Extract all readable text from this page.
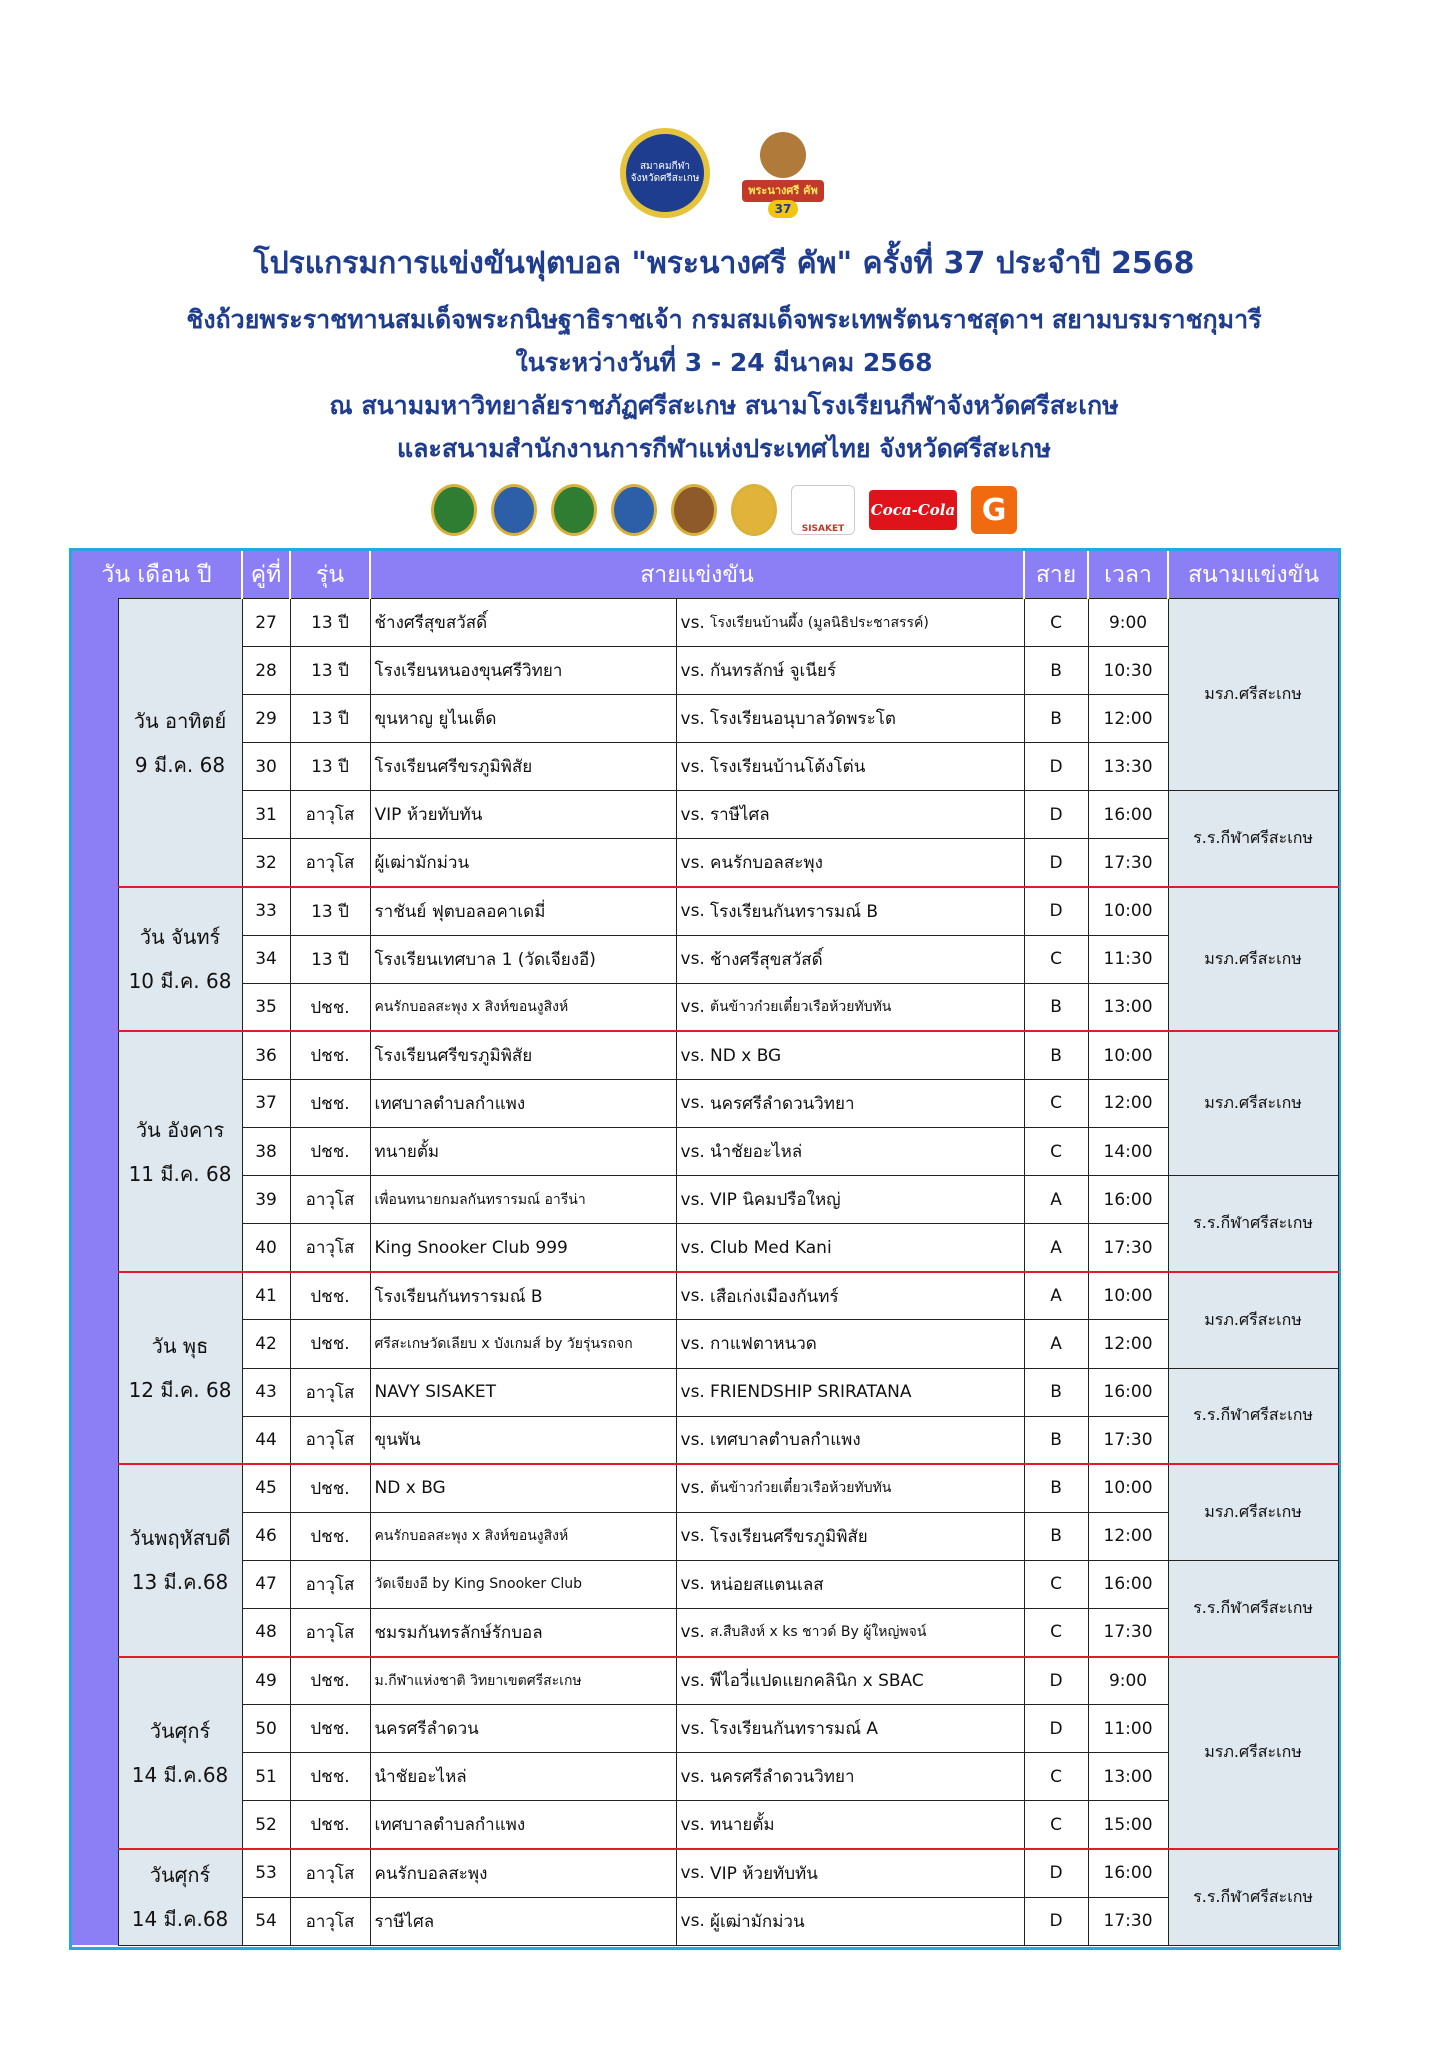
สมาคมกีฬา จังหวัดศรีสะเกษ
พระนางศรี คัพ
37
โปรแกรมการแข่งขันฟุตบอล "พระนางศรี คัพ" ครั้งที่ 37 ประจำปี 2568
ชิงถ้วยพระราชทานสมเด็จพระกนิษฐาธิราชเจ้า กรมสมเด็จพระเทพรัตนราชสุดาฯ สยามบรมราชกุมารี
ในระหว่างวันที่ 3 - 24 มีนาคม 2568
ณ สนามมหาวิทยาลัยราชภัฏศรีสะเกษ สนามโรงเรียนกีฬาจังหวัดศรีสะเกษ
และสนามสำนักงานการกีฬาแห่งประเทศไทย จังหวัดศรีสะเกษ
SISAKET
Coca-Cola G
วัน เดือน ปี		คู่ที่	รุ่น	สายแข่งขัน			สาย	เวลา	สนามแข่งขัน

	วัน อาทิตย์
9 มี.ค. 68	27	13 ปี	ช้างศรีสุขสวัสดิ์	vs.	โรงเรียนบ้านผึ้ง (มูลนิธิประชาสรรค์)	C	9:00	มรภ.ศรีสะเกษ
		28	13 ปี	โรงเรียนหนองขุนศรีวิทยา	vs.	กันทรลักษ์ จูเนียร์	B	10:30	
		29	13 ปี	ขุนหาญ ยูไนเต็ด	vs.	โรงเรียนอนุบาลวัดพระโต	B	12:00	
		30	13 ปี	โรงเรียนศรีขรภูมิพิสัย	vs.	โรงเรียนบ้านโต้งโต่น	D	13:30	
		31	อาวุโส	VIP ห้วยทับทัน	vs.	ราษีไศล	D	16:00	ร.ร.กีฬาศรีสะเกษ
		32	อาวุโส	ผู้เฒ่ามักม่วน	vs.	คนรักบอลสะพุง	D	17:30	

	วัน จันทร์
10 มี.ค. 68	33	13 ปี	ราชันย์ ฟุตบอลอคาเดมี่	vs.	โรงเรียนกันทรารมณ์ B	D	10:00	มรภ.ศรีสะเกษ
		34	13 ปี	โรงเรียนเทศบาล 1 (วัดเจียงอี)	vs.	ช้างศรีสุขสวัสดิ์	C	11:30	
		35	ปชช.	คนรักบอลสะพุง x สิงห์ขอนงูสิงห์	vs.	ต้นข้าวก๋วยเตี๋ยวเรือห้วยทับทัน	B	13:00	

	วัน อังคาร
11 มี.ค. 68	36	ปชช.	โรงเรียนศรีขรภูมิพิสัย	vs.	ND x BG	B	10:00	มรภ.ศรีสะเกษ
		37	ปชช.	เทศบาลตำบลกำแพง	vs.	นครศรีลำดวนวิทยา	C	12:00	
		38	ปชช.	ทนายตั้ม	vs.	นำชัยอะไหล่	C	14:00	
		39	อาวุโส	เพื่อนทนายกมลกันทรารมณ์ อารีน่า	vs.	VIP นิคมปรือใหญ่	A	16:00	ร.ร.กีฬาศรีสะเกษ
		40	อาวุโส	King Snooker Club 999	vs.	Club Med Kani	A	17:30	

	วัน พุธ
12 มี.ค. 68	41	ปชช.	โรงเรียนกันทรารมณ์ B	vs.	เสือเก่งเมืองกันทร์	A	10:00	มรภ.ศรีสะเกษ
		42	ปชช.	ศรีสะเกษวัดเลียบ x บังเกมส์ by วัยรุ่นรถจก	vs.	กาแฟตาหนวด	A	12:00	
		43	อาวุโส	NAVY SISAKET	vs.	FRIENDSHIP SRIRATANA	B	16:00	ร.ร.กีฬาศรีสะเกษ
		44	อาวุโส	ขุนพัน	vs.	เทศบาลตำบลกำแพง	B	17:30	

	วันพฤหัสบดี
13 มี.ค.68	45	ปชช.	ND x BG	vs.	ต้นข้าวก๋วยเตี๋ยวเรือห้วยทับทัน	B	10:00	มรภ.ศรีสะเกษ
		46	ปชช.	คนรักบอลสะพุง x สิงห์ขอนงูสิงห์	vs.	โรงเรียนศรีขรภูมิพิสัย	B	12:00	
		47	อาวุโส	วัดเจียงอี by King Snooker Club	vs.	หน่อยสแตนเลส	C	16:00	ร.ร.กีฬาศรีสะเกษ
		48	อาวุโส	ชมรมกันทรลักษ์รักบอล	vs.	ส.สืบสิงห์ x ks ชาวด์ By ผู้ใหญ่พจน์	C	17:30	

	วันศุกร์
14 มี.ค.68	49	ปชช.	ม.กีฬาแห่งชาติ วิทยาเขตศรีสะเกษ	vs.	พีไอวี่แปดแยกคลินิก x SBAC	D	9:00	มรภ.ศรีสะเกษ
		50	ปชช.	นครศรีลำดวน	vs.	โรงเรียนกันทรารมณ์ A	D	11:00	
		51	ปชช.	นำชัยอะไหล่	vs.	นครศรีลำดวนวิทยา	C	13:00	
		52	ปชช.	เทศบาลตำบลกำแพง	vs.	ทนายตั้ม	C	15:00	

	วันศุกร์
14 มี.ค.68	53	อาวุโส	คนรักบอลสะพุง	vs.	VIP ห้วยทับทัน	D	16:00	ร.ร.กีฬาศรีสะเกษ
		54	อาวุโส	ราษีไศล	vs.	ผู้เฒ่ามักม่วน	D	17:30	
